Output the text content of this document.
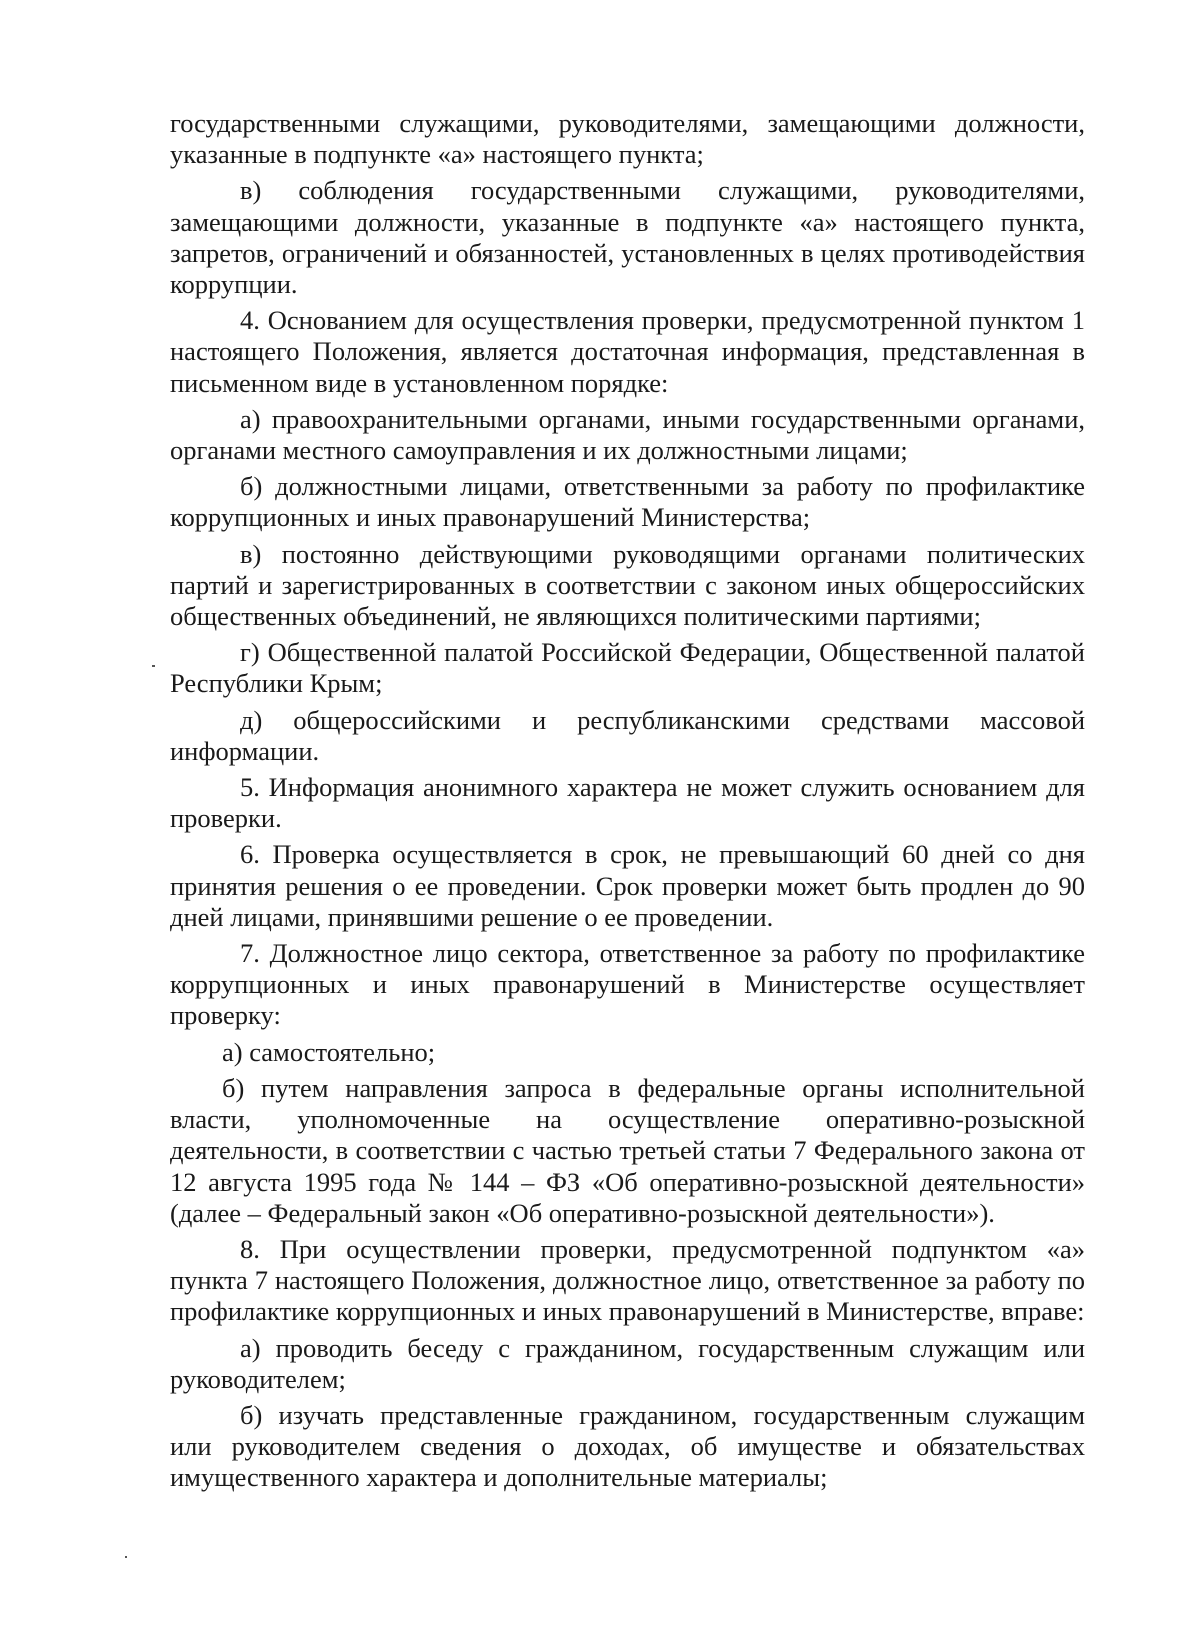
государственными служащими, руководителями, замещающими должности, указанные в подпункте «а» настоящего пункта;

в) соблюдения государственными служащими, руководителями, замещающими должности, указанные в подпункте «а» настоящего пункта, запретов, ограничений и обязанностей, установленных в целях противодействия коррупции.

4. Основанием для осуществления проверки, предусмотренной пунктом 1 настоящего Положения, является достаточная информация, представленная в письменном виде в установленном порядке:

а) правоохранительными органами, иными государственными органами, органами местного самоуправления и их должностными лицами;

б) должностными лицами, ответственными за работу по профилактике коррупционных и иных правонарушений Министерства;

в) постоянно действующими руководящими органами политических партий и зарегистрированных в соответствии с законом иных общероссийских общественных объединений, не являющихся политическими партиями;

г) Общественной палатой Российской Федерации, Общественной палатой Республики Крым;

д) общероссийскими и республиканскими средствами массовой информации.

5. Информация анонимного характера не может служить основанием для проверки.

6. Проверка осуществляется в срок, не превышающий 60 дней со дня принятия решения о ее проведении. Срок проверки может быть продлен до 90 дней лицами, принявшими решение о ее проведении.

7. Должностное лицо сектора, ответственное за работу по профилактике коррупционных и иных правонарушений в Министерстве осуществляет проверку:

а) самостоятельно;

б) путем направления запроса в федеральные органы исполнительной власти, уполномоченные на осуществление оперативно-розыскной деятельности, в соответствии с частью третьей статьи 7 Федерального закона от 12 августа 1995 года № 144 – ФЗ «Об оперативно-розыскной деятельности» (далее – Федеральный закон «Об оперативно-розыскной деятельности»).

8. При осуществлении проверки, предусмотренной подпунктом «а» пункта 7 настоящего Положения, должностное лицо, ответственное за работу по профилактике коррупционных и иных правонарушений в Министерстве, вправе:

а) проводить беседу с гражданином, государственным служащим или руководителем;

б) изучать представленные гражданином, государственным служащим или руководителем сведения о доходах, об имуществе и обязательствах имущественного характера и дополнительные материалы;
